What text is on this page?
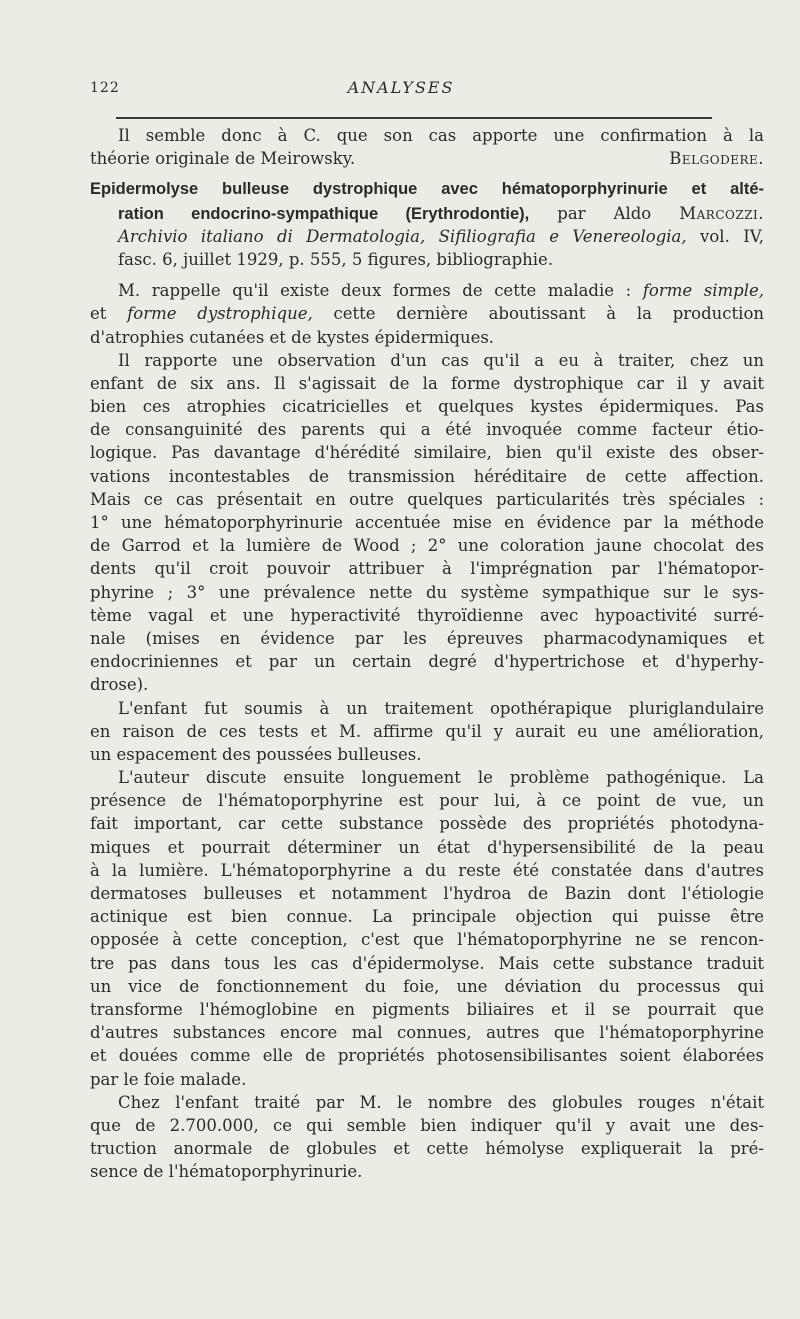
122	ANALYSES
Il semble donc à C. que son cas apporte une confirmation à la
théorie originale de Meirowsky.	Belgodere.
Epidermolyse bulleuse dystrophique avec hématoporphyrinurie et alté-
ration endocrino-sympathique (Erythrodontie), par Aldo Marcozzi.
Archivio italiano di Dermatologia, Sifiliografia e Venereologia, vol. IV,
fasc. 6, juillet 1929, p. 555, 5 figures, bibliographie.
M. rappelle qu'il existe deux formes de cette maladie : forme simple,
et forme dystrophique, cette dernière aboutissant à la production
d'atrophies cutanées et de kystes épidermiques.
Il rapporte une observation d'un cas qu'il a eu à traiter, chez un
enfant de six ans. Il s'agissait de la forme dystrophique car il y avait
bien ces atrophies cicatricielles et quelques kystes épidermiques. Pas
de consanguinité des parents qui a été invoquée comme facteur étio-
logique. Pas davantage d'hérédité similaire, bien qu'il existe des obser-
vations incontestables de transmission héréditaire de cette affection.
Mais ce cas présentait en outre quelques particularités très spéciales :
1° une hématoporphyrinurie accentuée mise en évidence par la méthode
de Garrod et la lumière de Wood ; 2° une coloration jaune chocolat des
dents qu'il croit pouvoir attribuer à l'imprégnation par l'hématopor-
phyrine ; 3° une prévalence nette du système sympathique sur le sys-
tème vagal et une hyperactivité thyroïdienne avec hypoactivité surré-
nale (mises en évidence par les épreuves pharmacodynamiques et
endocriniennes et par un certain degré d'hypertrichose et d'hyperhy-
drose).
L'enfant fut soumis à un traitement opothérapique pluriglandulaire
en raison de ces tests et M. affirme qu'il y aurait eu une amélioration,
un espacement des poussées bulleuses.
L'auteur discute ensuite longuement le problème pathogénique. La
présence de l'hématoporphyrine est pour lui, à ce point de vue, un
fait important, car cette substance possède des propriétés photodyna-
miques et pourrait déterminer un état d'hypersensibilité de la peau
à la lumière. L'hématoporphyrine a du reste été constatée dans d'autres
dermatoses bulleuses et notamment l'hydroa de Bazin dont l'étiologie
actinique est bien connue. La principale objection qui puisse être
opposée à cette conception, c'est que l'hématoporphyrine ne se rencon-
tre pas dans tous les cas d'épidermolyse. Mais cette substance traduit
un vice de fonctionnement du foie, une déviation du processus qui
transforme l'hémoglobine en pigments biliaires et il se pourrait que
d'autres substances encore mal connues, autres que l'hématoporphyrine
et douées comme elle de propriétés photosensibilisantes soient élaborées
par le foie malade.
Chez l'enfant traité par M. le nombre des globules rouges n'était
que de 2.700.000, ce qui semble bien indiquer qu'il y avait une des-
truction anormale de globules et cette hémolyse expliquerait la pré-
sence de l'hématoporphyrinurie.
